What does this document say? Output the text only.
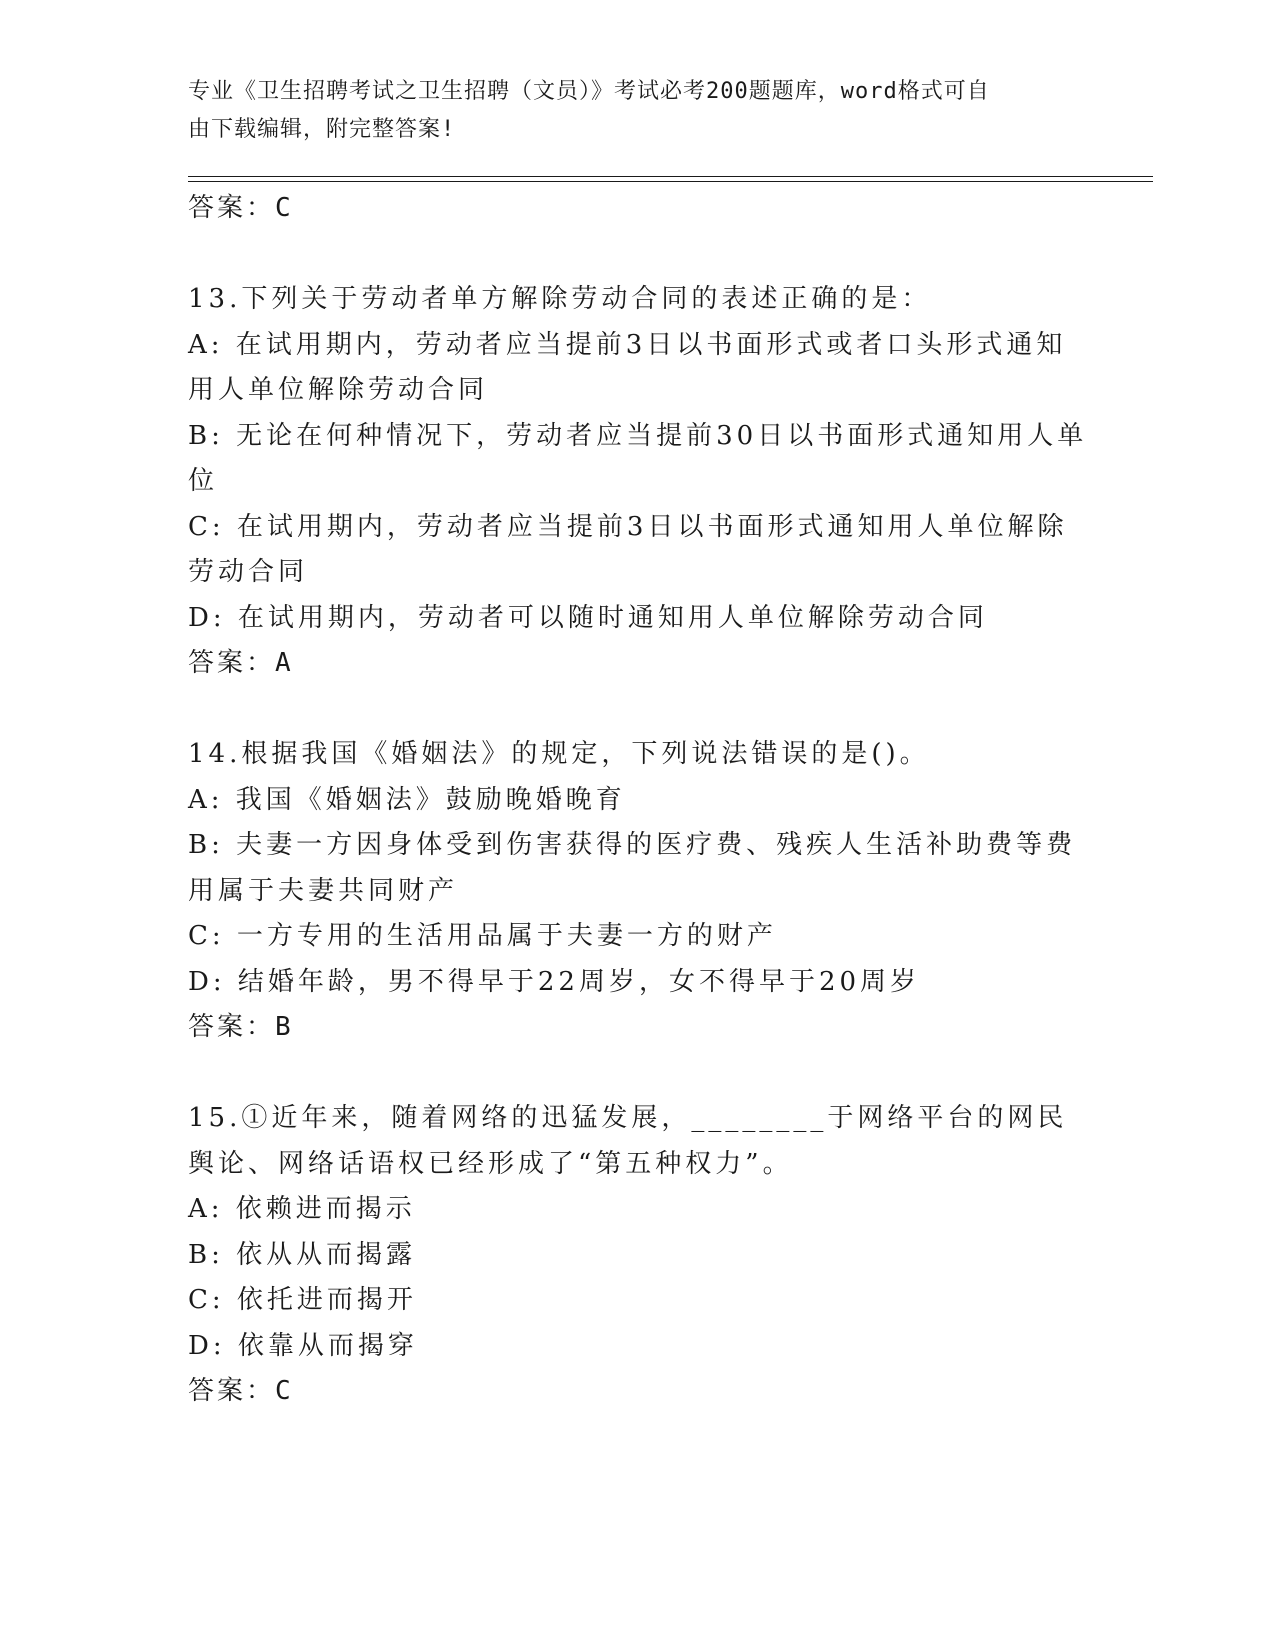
专业《卫生招聘考试之卫生招聘（文员）》考试必考200题题库，word格式可自
由下载编辑，附完整答案!

答案：C

13.下列关于劳动者单方解除劳动合同的表述正确的是：

A: 在试用期内，劳动者应当提前3日以书面形式或者口头形式通知用人单位解除劳动合同

B: 无论在何种情况下，劳动者应当提前30日以书面形式通知用人单位

C: 在试用期内，劳动者应当提前3日以书面形式通知用人单位解除劳动合同

D: 在试用期内，劳动者可以随时通知用人单位解除劳动合同

答案：A

14.根据我国《婚姻法》的规定，下列说法错误的是()。

A: 我国《婚姻法》鼓励晚婚晚育

B: 夫妻一方因身体受到伤害获得的医疗费、残疾人生活补助费等费用属于夫妻共同财产

C: 一方专用的生活用品属于夫妻一方的财产

D: 结婚年龄，男不得早于22周岁，女不得早于20周岁

答案：B

15.①近年来，随着网络的迅猛发展，________于网络平台的网民舆论、网络话语权已经形成了“第五种权力”。

A: 依赖进而揭示

B: 依从从而揭露

C: 依托进而揭开

D: 依靠从而揭穿

答案：C
